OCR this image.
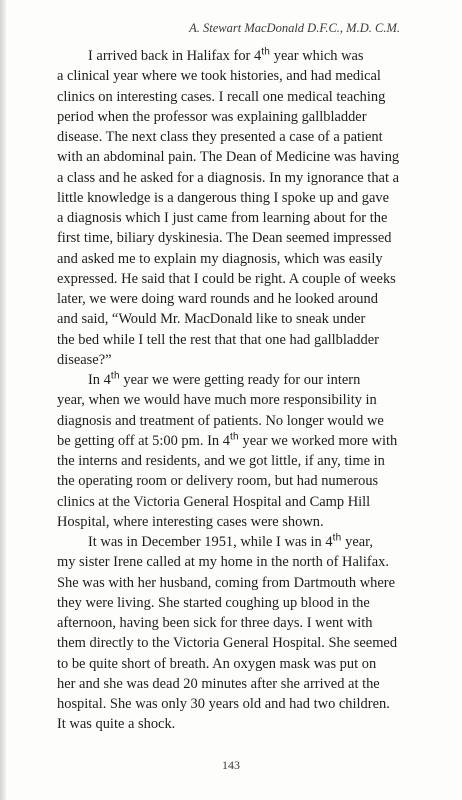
A. Stewart MacDonald D.F.C., M.D. C.M.
I arrived back in Halifax for 4th year which was
a clinical year where we took histories, and had medical
clinics on interesting cases. I recall one medical teaching
period when the professor was explaining gallbladder
disease. The next class they presented a case of a patient
with an abdominal pain. The Dean of Medicine was having
a class and he asked for a diagnosis. In my ignorance that a
little knowledge is a dangerous thing I spoke up and gave
a diagnosis which I just came from learning about for the
first time, biliary dyskinesia. The Dean seemed impressed
and asked me to explain my diagnosis, which was easily
expressed. He said that I could be right. A couple of weeks
later, we were doing ward rounds and he looked around
and said, “Would Mr. MacDonald like to sneak under
the bed while I tell the rest that that one had gallbladder
disease?”
In 4th year we were getting ready for our intern
year, when we would have much more responsibility in
diagnosis and treatment of patients. No longer would we
be getting off at 5:00 pm. In 4th year we worked more with
the interns and residents, and we got little, if any, time in
the operating room or delivery room, but had numerous
clinics at the Victoria General Hospital and Camp Hill
Hospital, where interesting cases were shown.
It was in December 1951, while I was in 4th year,
my sister Irene called at my home in the north of Halifax.
She was with her husband, coming from Dartmouth where
they were living. She started coughing up blood in the
afternoon, having been sick for three days. I went with
them directly to the Victoria General Hospital. She seemed
to be quite short of breath. An oxygen mask was put on
her and she was dead 20 minutes after she arrived at the
hospital. She was only 30 years old and had two children.
It was quite a shock.
143
